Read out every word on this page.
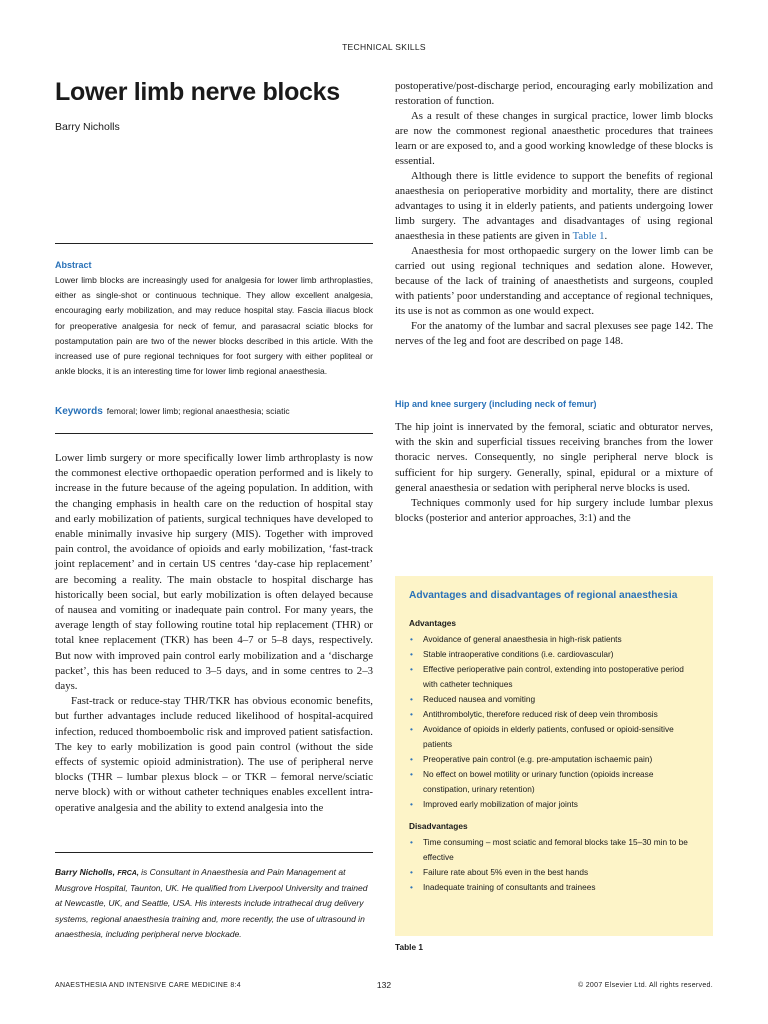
TECHNICAL SKILLS
Lower limb nerve blocks
Barry Nicholls
Abstract
Lower limb blocks are increasingly used for analgesia for lower limb arthroplasties, either as single-shot or continuous technique. They allow excellent analgesia, encouraging early mobilization, and may reduce hospital stay. Fascia iliacus block for preoperative analgesia for neck of femur, and parasacral sciatic blocks for postamputation pain are two of the newer blocks described in this article. With the increased use of pure regional techniques for foot surgery with either popliteal or ankle blocks, it is an interesting time for lower limb regional anaesthesia.
Keywords femoral; lower limb; regional anaesthesia; sciatic

Lower limb surgery or more specifically lower limb arthroplasty is now the commonest elective orthopaedic operation performed and is likely to increase in the future because of the ageing population. In addition, with the changing emphasis in health care on the reduction of hospital stay and early mobilization of patients, surgical techniques have developed to enable minimally invasive hip surgery (MIS). Together with improved pain control, the avoidance of opioids and early mobilization, ‘fast-track joint replacement’ and in certain US centres ‘day-case hip replacement’ are becoming a reality. The main obstacle to hospital discharge has historically been social, but early mobilization is often delayed because of nausea and vomiting or inadequate pain control. For many years, the average length of stay following routine total hip replacement (THR) or total knee replacement (TKR) has been 4–7 or 5–8 days, respectively. But now with improved pain control early mobilization and a ‘discharge packet’, this has been reduced to 3–5 days, and in some centres to 2–3 days.

Fast-track or reduce-stay THR/TKR has obvious economic benefits, but further advantages include reduced likelihood of hospital-acquired infection, reduced thomboembolic risk and improved patient satisfaction. The key to early mobilization is good pain control (without the side effects of systemic opioid administration). The use of peripheral nerve blocks (THR – lumbar plexus block – or TKR – femoral nerve/sciatic nerve block) with or without catheter techniques enables excellent intra-operative analgesia and the ability to extend analgesia into the

Barry Nicholls, FRCA, is Consultant in Anaesthesia and Pain Management at Musgrove Hospital, Taunton, UK. He qualified from Liverpool University and trained at Newcastle, UK, and Seattle, USA. His interests include intrathecal drug delivery systems, regional anaesthesia training and, more recently, the use of ultrasound in anaesthesia, including peripheral nerve blockade.

postoperative/post-discharge period, encouraging early mobilization and restoration of function.

As a result of these changes in surgical practice, lower limb blocks are now the commonest regional anaesthetic procedures that trainees learn or are exposed to, and a good working knowledge of these blocks is essential.

Although there is little evidence to support the benefits of regional anaesthesia on perioperative morbidity and mortality, there are distinct advantages to using it in elderly patients, and patients undergoing lower limb surgery. The advantages and disadvantages of using regional anaesthesia in these patients are given in Table 1.

Anaesthesia for most orthopaedic surgery on the lower limb can be carried out using regional techniques and sedation alone. However, because of the lack of training of anaesthetists and surgeons, coupled with patients’ poor understanding and acceptance of regional techniques, its use is not as common as one would expect.

For the anatomy of the lumbar and sacral plexuses see page 142. The nerves of the leg and foot are described on page 148.

Hip and knee surgery (including neck of femur)

The hip joint is innervated by the femoral, sciatic and obturator nerves, with the skin and superficial tissues receiving branches from the lower thoracic nerves. Consequently, no single peripheral nerve block is sufficient for hip surgery. Generally, spinal, epidural or a mixture of general anaesthesia or sedation with peripheral nerve blocks is used.

Techniques commonly used for hip surgery include lumbar plexus blocks (posterior and anterior approaches, 3:1) and the

Advantages and disadvantages of regional anaesthesia
Advantages
• Avoidance of general anaesthesia in high-risk patients
• Stable intraoperative conditions (i.e. cardiovascular)
• Effective perioperative pain control, extending into postoperative period with catheter techniques
• Reduced nausea and vomiting
• Antithrombolytic, therefore reduced risk of deep vein thrombosis
• Avoidance of opioids in elderly patients, confused or opioid-sensitive patients
• Preoperative pain control (e.g. pre-amputation ischaemic pain)
• No effect on bowel motility or urinary function (opioids increase constipation, urinary retention)
• Improved early mobilization of major joints
Disadvantages
• Time consuming – most sciatic and femoral blocks take 15–30 min to be effective
• Failure rate about 5% even in the best hands
• Inadequate training of consultants and trainees
Table 1
ANAESTHESIA AND INTENSIVE CARE MEDICINE 8:4	132	© 2007 Elsevier Ltd. All rights reserved.
